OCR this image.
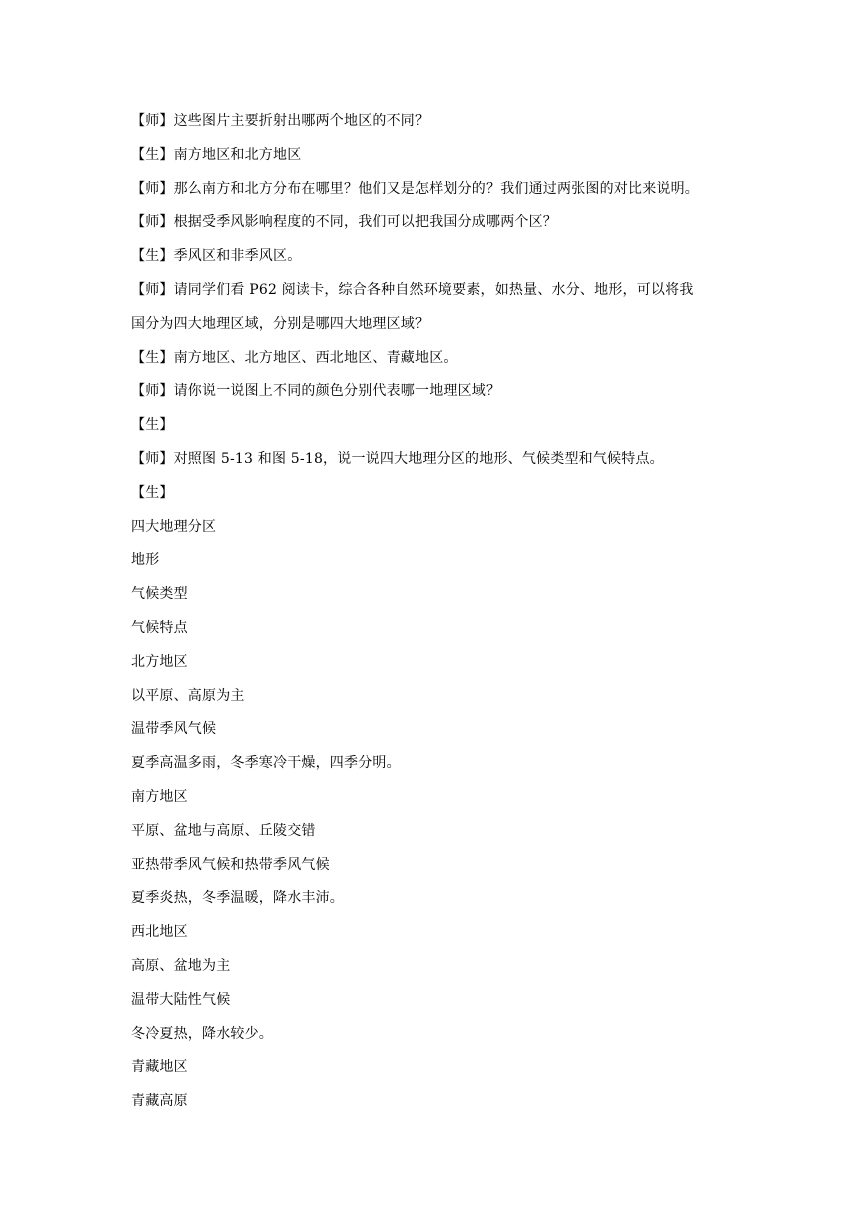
【师】这些图片主要折射出哪两个地区的不同？
【生】南方地区和北方地区
【师】那么南方和北方分布在哪里？他们又是怎样划分的？我们通过两张图的对比来说明。
【师】根据受季风影响程度的不同，我们可以把我国分成哪两个区？
【生】季风区和非季风区。
【师】请同学们看 P62 阅读卡，综合各种自然环境要素，如热量、水分、地形，可以将我
国分为四大地理区域，分别是哪四大地理区域？
【生】南方地区、北方地区、西北地区、青藏地区。
【师】请你说一说图上不同的颜色分别代表哪一地理区域？
【生】
【师】对照图 5-13 和图 5-18，说一说四大地理分区的地形、气候类型和气候特点。
【生】
四大地理分区
地形
气候类型
气候特点
北方地区
以平原、高原为主
温带季风气候
夏季高温多雨，冬季寒冷干燥，四季分明。
南方地区
平原、盆地与高原、丘陵交错
亚热带季风气候和热带季风气候
夏季炎热，冬季温暖，降水丰沛。
西北地区
高原、盆地为主
温带大陆性气候
冬冷夏热，降水较少。
青藏地区
青藏高原
